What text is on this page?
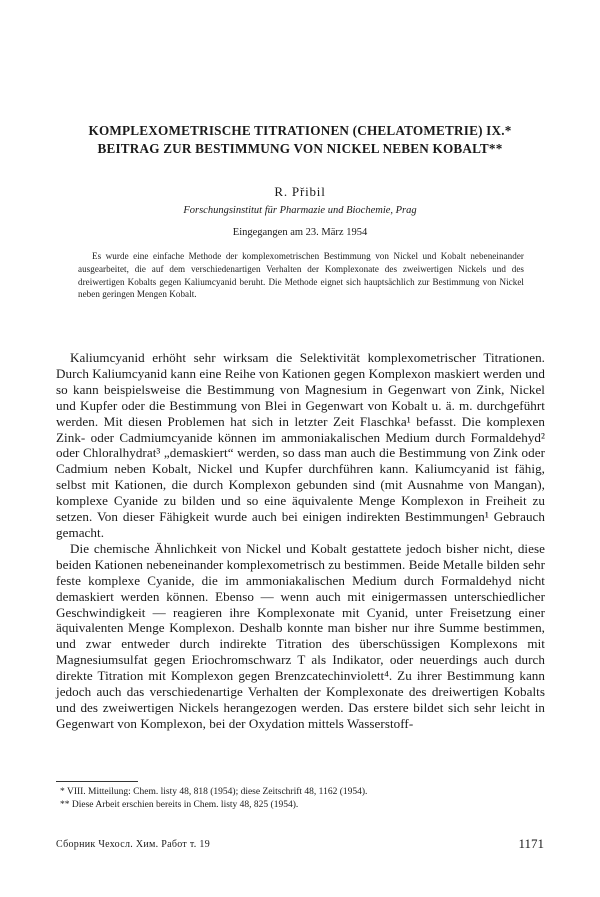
KOMPLEXOMETRISCHE TITRATIONEN (CHELATOMETRIE) IX.*
BEITRAG ZUR BESTIMMUNG VON NICKEL NEBEN KOBALT**
R. Přibil
Forschungsinstitut für Pharmazie und Biochemie, Prag
Eingegangen am 23. März 1954
Es wurde eine einfache Methode der komplexometrischen Bestimmung von Nickel und Kobalt nebeneinander ausgearbeitet, die auf dem verschiedenartigen Verhalten der Komplexonate des zweiwertigen Nickels und des dreiwertigen Kobalts gegen Kaliumcyanid beruht. Die Methode eignet sich hauptsächlich zur Bestimmung von Nickel neben geringen Mengen Kobalt.

Kaliumcyanid erhöht sehr wirksam die Selektivität komplexometrischer Titrationen. Durch Kaliumcyanid kann eine Reihe von Kationen gegen Komplexon maskiert werden und so kann beispielsweise die Bestimmung von Magnesium in Gegenwart von Zink, Nickel und Kupfer oder die Bestimmung von Blei in Gegenwart von Kobalt u. ä. m. durchgeführt werden. Mit diesen Problemen hat sich in letzter Zeit Flaschka¹ befasst. Die komplexen Zink- oder Cadmiumcyanide können im ammoniakalischen Medium durch Formaldehyd² oder Chloralhydrat³ „demaskiert“ werden, so dass man auch die Bestimmung von Zink oder Cadmium neben Kobalt, Nickel und Kupfer durchführen kann. Kaliumcyanid ist fähig, selbst mit Kationen, die durch Komplexon gebunden sind (mit Ausnahme von Mangan), komplexe Cyanide zu bilden und so eine äquivalente Menge Komplexon in Freiheit zu setzen. Von dieser Fähigkeit wurde auch bei einigen indirekten Bestimmungen¹ Gebrauch gemacht.

Die chemische Ähnlichkeit von Nickel und Kobalt gestattete jedoch bisher nicht, diese beiden Kationen nebeneinander komplexometrisch zu bestimmen. Beide Metalle bilden sehr feste komplexe Cyanide, die im ammoniakalischen Medium durch Formaldehyd nicht demaskiert werden können. Ebenso — wenn auch mit einigermassen unterschiedlicher Geschwindigkeit — reagieren ihre Komplexonate mit Cyanid, unter Freisetzung einer äquivalenten Menge Komplexon. Deshalb konnte man bisher nur ihre Summe bestimmen, und zwar entweder durch indirekte Titration des überschüssigen Komplexons mit Magnesiumsulfat gegen Eriochromschwarz T als Indikator, oder neuerdings auch durch direkte Titration mit Komplexon gegen Brenzcatechinviolett⁴. Zu ihrer Bestimmung kann jedoch auch das verschiedenartige Verhalten der Komplexonate des dreiwertigen Kobalts und des zweiwertigen Nickels herangezogen werden. Das erstere bildet sich sehr leicht in Gegenwart von Komplexon, bei der Oxydation mittels Wasserstoff-

* VIII. Mitteilung: Chem. listy 48, 818 (1954); diese Zeitschrift 48, 1162 (1954).
** Diese Arbeit erschien bereits in Chem. listy 48, 825 (1954).
Сборник Чехосл. Хим. Работ т. 19	1171
